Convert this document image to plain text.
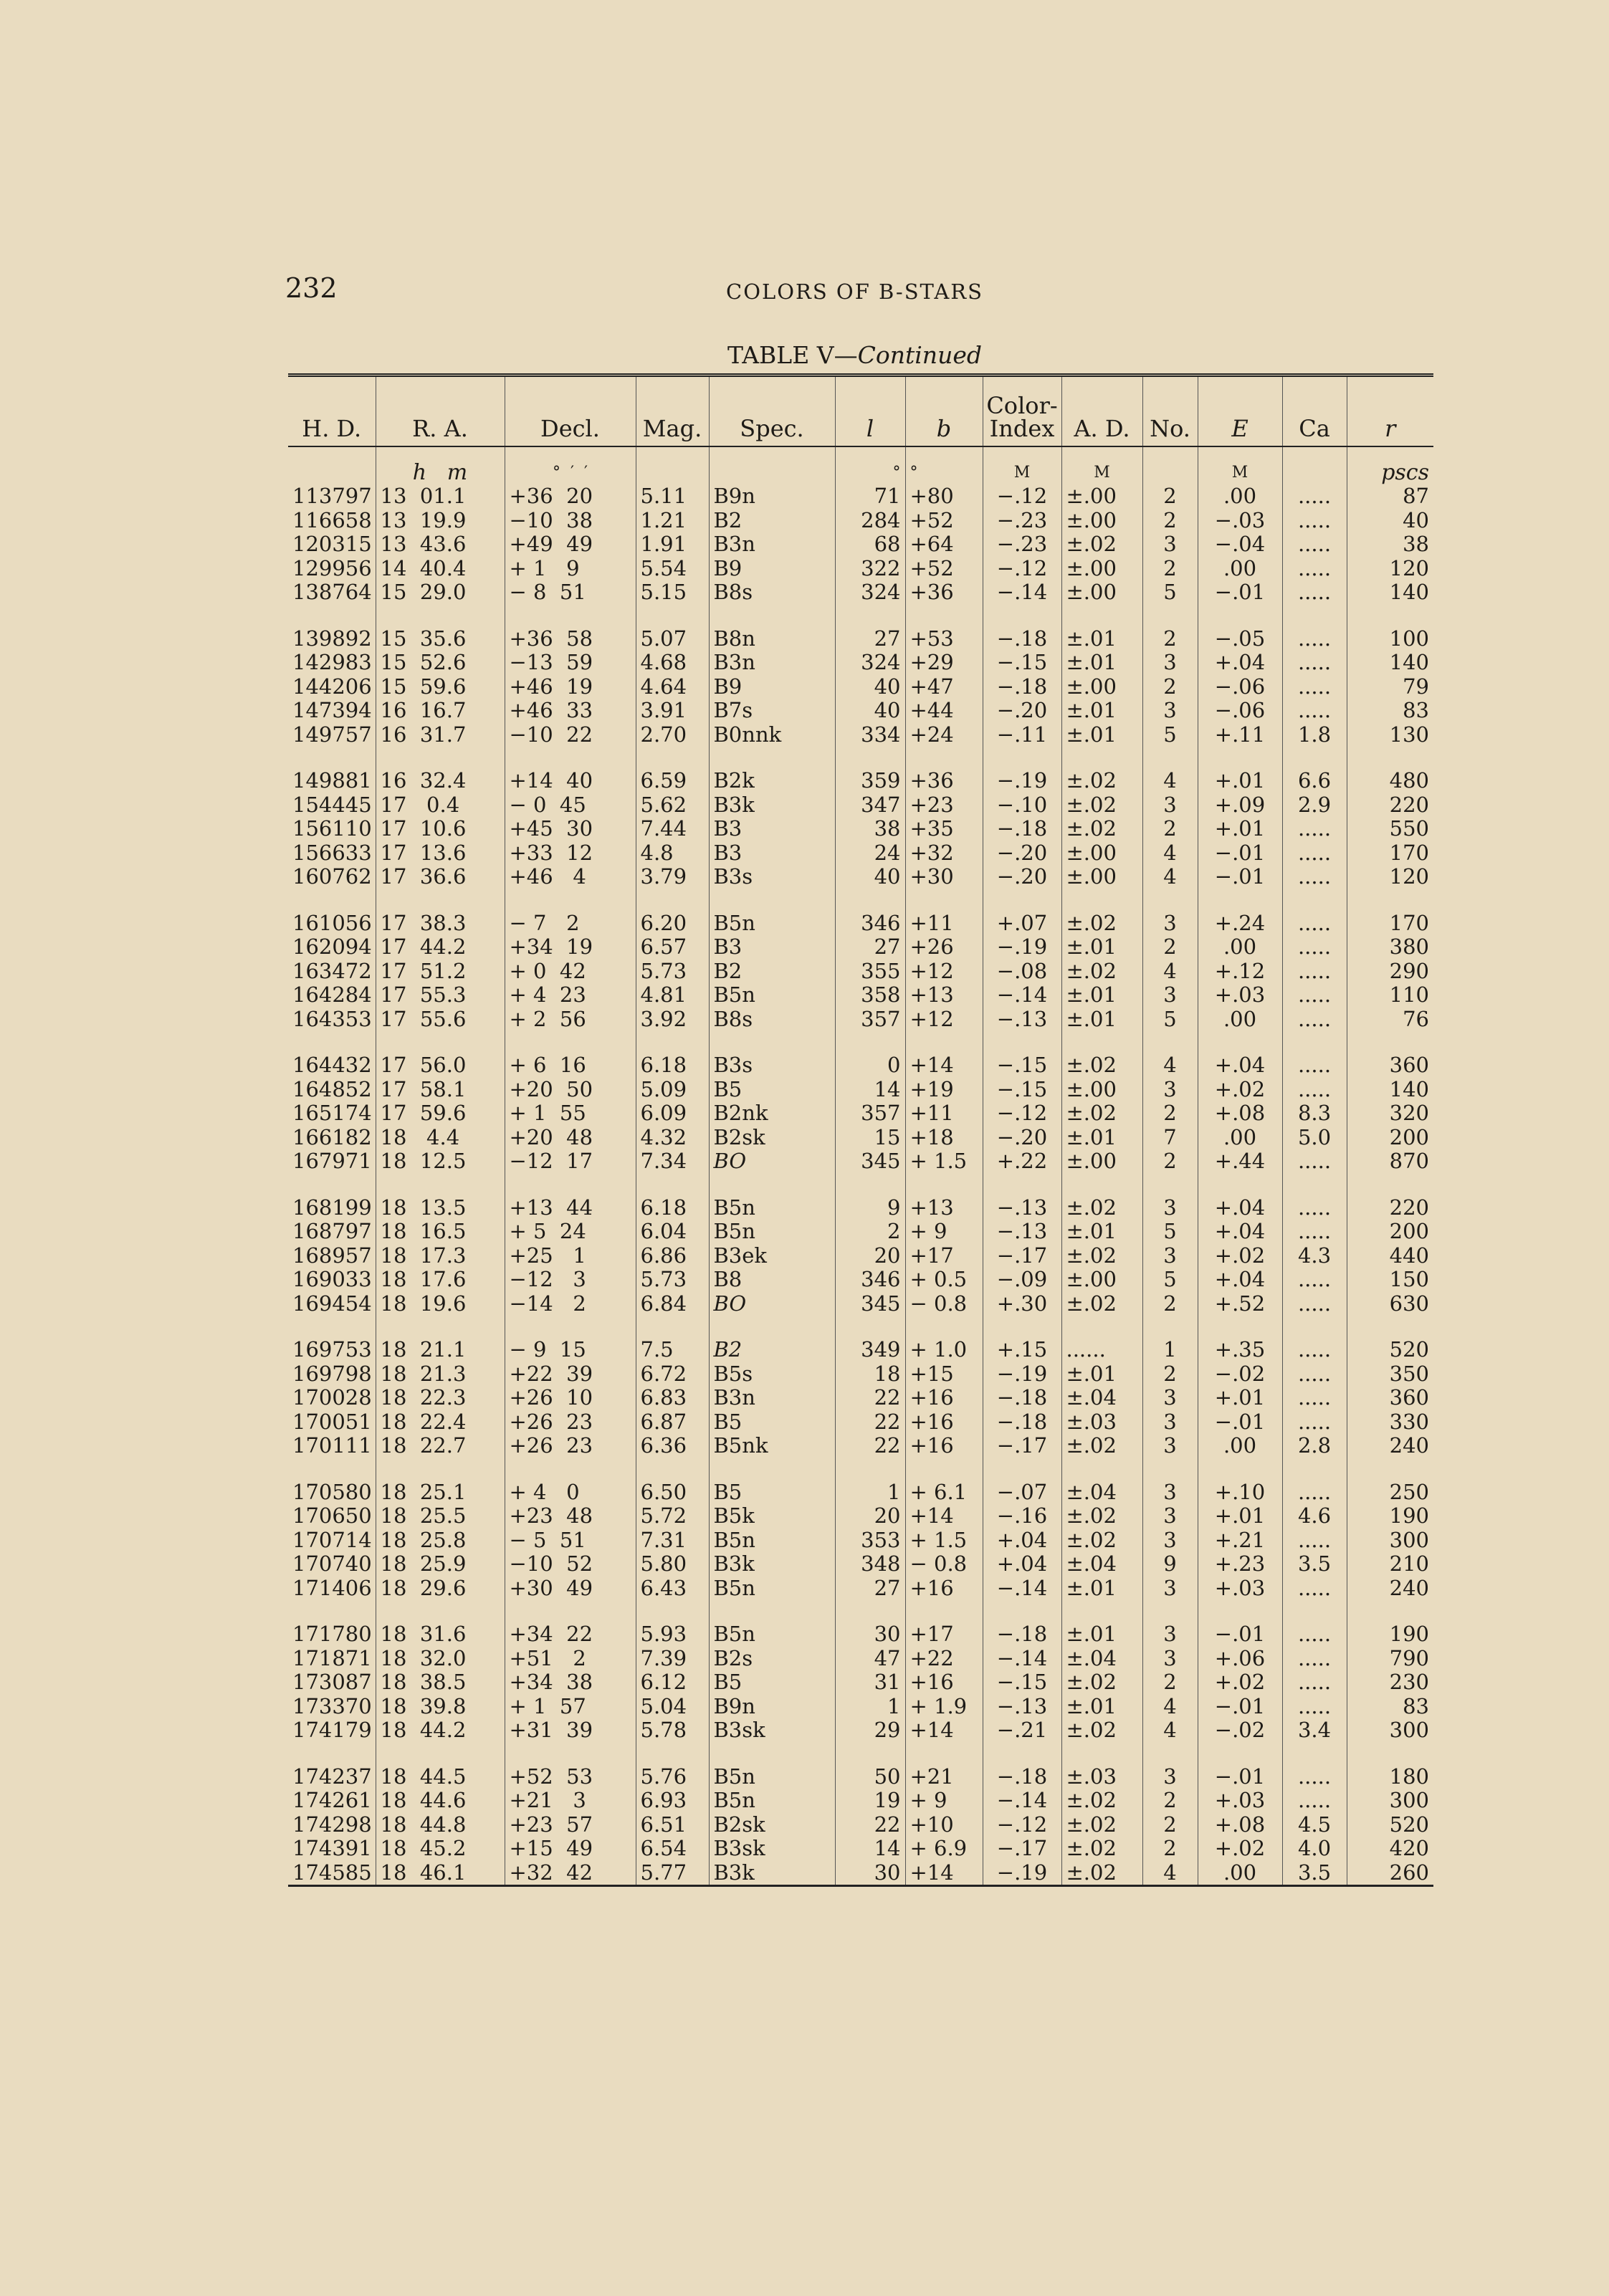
232	COLORS OF B-STARS
TABLE V—Continued
H. D.	R. A.	Decl.	Mag.	Spec.	l	b	Color-Index	A. D.	No.	E	Ca	r
	h   m	°  ′  ′			°	°	M	M		M		pscs
113797	13  01.1	+36  20	5.11	B9n	71	+80	−.12	±.00	2	.00	.....	87
116658	13  19.9	−10  38	1.21	B2	284	+52	−.23	±.00	2	−.03	.....	40
120315	13  43.6	+49  49	1.91	B3n	68	+64	−.23	±.02	3	−.04	.....	38
129956	14  40.4	+ 1   9	5.54	B9	322	+52	−.12	±.00	2	.00	.....	120
138764	15  29.0	− 8  51	5.15	B8s	324	+36	−.14	±.00	5	−.01	.....	140

139892	15  35.6	+36  58	5.07	B8n	27	+53	−.18	±.01	2	−.05	.....	100
142983	15  52.6	−13  59	4.68	B3n	324	+29	−.15	±.01	3	+.04	.....	140
144206	15  59.6	+46  19	4.64	B9	40	+47	−.18	±.00	2	−.06	.....	79
147394	16  16.7	+46  33	3.91	B7s	40	+44	−.20	±.01	3	−.06	.....	83
149757	16  31.7	−10  22	2.70	B0nnk	334	+24	−.11	±.01	5	+.11	1.8	130

149881	16  32.4	+14  40	6.59	B2k	359	+36	−.19	±.02	4	+.01	6.6	480
154445	17   0.4	− 0  45	5.62	B3k	347	+23	−.10	±.02	3	+.09	2.9	220
156110	17  10.6	+45  30	7.44	B3	38	+35	−.18	±.02	2	+.01	.....	550
156633	17  13.6	+33  12	4.8	B3	24	+32	−.20	±.00	4	−.01	.....	170
160762	17  36.6	+46   4	3.79	B3s	40	+30	−.20	±.00	4	−.01	.....	120

161056	17  38.3	− 7   2	6.20	B5n	346	+11	+.07	±.02	3	+.24	.....	170
162094	17  44.2	+34  19	6.57	B3	27	+26	−.19	±.01	2	.00	.....	380
163472	17  51.2	+ 0  42	5.73	B2	355	+12	−.08	±.02	4	+.12	.....	290
164284	17  55.3	+ 4  23	4.81	B5n	358	+13	−.14	±.01	3	+.03	.....	110
164353	17  55.6	+ 2  56	3.92	B8s	357	+12	−.13	±.01	5	.00	.....	76

164432	17  56.0	+ 6  16	6.18	B3s	0	+14	−.15	±.02	4	+.04	.....	360
164852	17  58.1	+20  50	5.09	B5	14	+19	−.15	±.00	3	+.02	.....	140
165174	17  59.6	+ 1  55	6.09	B2nk	357	+11	−.12	±.02	2	+.08	8.3	320
166182	18   4.4	+20  48	4.32	B2sk	15	+18	−.20	±.01	7	.00	5.0	200
167971	18  12.5	−12  17	7.34	BO	345	+ 1.5	+.22	±.00	2	+.44	.....	870

168199	18  13.5	+13  44	6.18	B5n	9	+13	−.13	±.02	3	+.04	.....	220
168797	18  16.5	+ 5  24	6.04	B5n	2	+ 9	−.13	±.01	5	+.04	.....	200
168957	18  17.3	+25   1	6.86	B3ek	20	+17	−.17	±.02	3	+.02	4.3	440
169033	18  17.6	−12   3	5.73	B8	346	+ 0.5	−.09	±.00	5	+.04	.....	150
169454	18  19.6	−14   2	6.84	BO	345	− 0.8	+.30	±.02	2	+.52	.....	630

169753	18  21.1	− 9  15	7.5	B2	349	+ 1.0	+.15	......	1	+.35	.....	520
169798	18  21.3	+22  39	6.72	B5s	18	+15	−.19	±.01	2	−.02	.....	350
170028	18  22.3	+26  10	6.83	B3n	22	+16	−.18	±.04	3	+.01	.....	360
170051	18  22.4	+26  23	6.87	B5	22	+16	−.18	±.03	3	−.01	.....	330
170111	18  22.7	+26  23	6.36	B5nk	22	+16	−.17	±.02	3	.00	2.8	240

170580	18  25.1	+ 4   0	6.50	B5	1	+ 6.1	−.07	±.04	3	+.10	.....	250
170650	18  25.5	+23  48	5.72	B5k	20	+14	−.16	±.02	3	+.01	4.6	190
170714	18  25.8	− 5  51	7.31	B5n	353	+ 1.5	+.04	±.02	3	+.21	.....	300
170740	18  25.9	−10  52	5.80	B3k	348	− 0.8	+.04	±.04	9	+.23	3.5	210
171406	18  29.6	+30  49	6.43	B5n	27	+16	−.14	±.01	3	+.03	.....	240

171780	18  31.6	+34  22	5.93	B5n	30	+17	−.18	±.01	3	−.01	.....	190
171871	18  32.0	+51   2	7.39	B2s	47	+22	−.14	±.04	3	+.06	.....	790
173087	18  38.5	+34  38	6.12	B5	31	+16	−.15	±.02	2	+.02	.....	230
173370	18  39.8	+ 1  57	5.04	B9n	1	+ 1.9	−.13	±.01	4	−.01	.....	83
174179	18  44.2	+31  39	5.78	B3sk	29	+14	−.21	±.02	4	−.02	3.4	300

174237	18  44.5	+52  53	5.76	B5n	50	+21	−.18	±.03	3	−.01	.....	180
174261	18  44.6	+21   3	6.93	B5n	19	+ 9	−.14	±.02	2	+.03	.....	300
174298	18  44.8	+23  57	6.51	B2sk	22	+10	−.12	±.02	2	+.08	4.5	520
174391	18  45.2	+15  49	6.54	B3sk	14	+ 6.9	−.17	±.02	2	+.02	4.0	420
174585	18  46.1	+32  42	5.77	B3k	30	+14	−.19	±.02	4	.00	3.5	260
